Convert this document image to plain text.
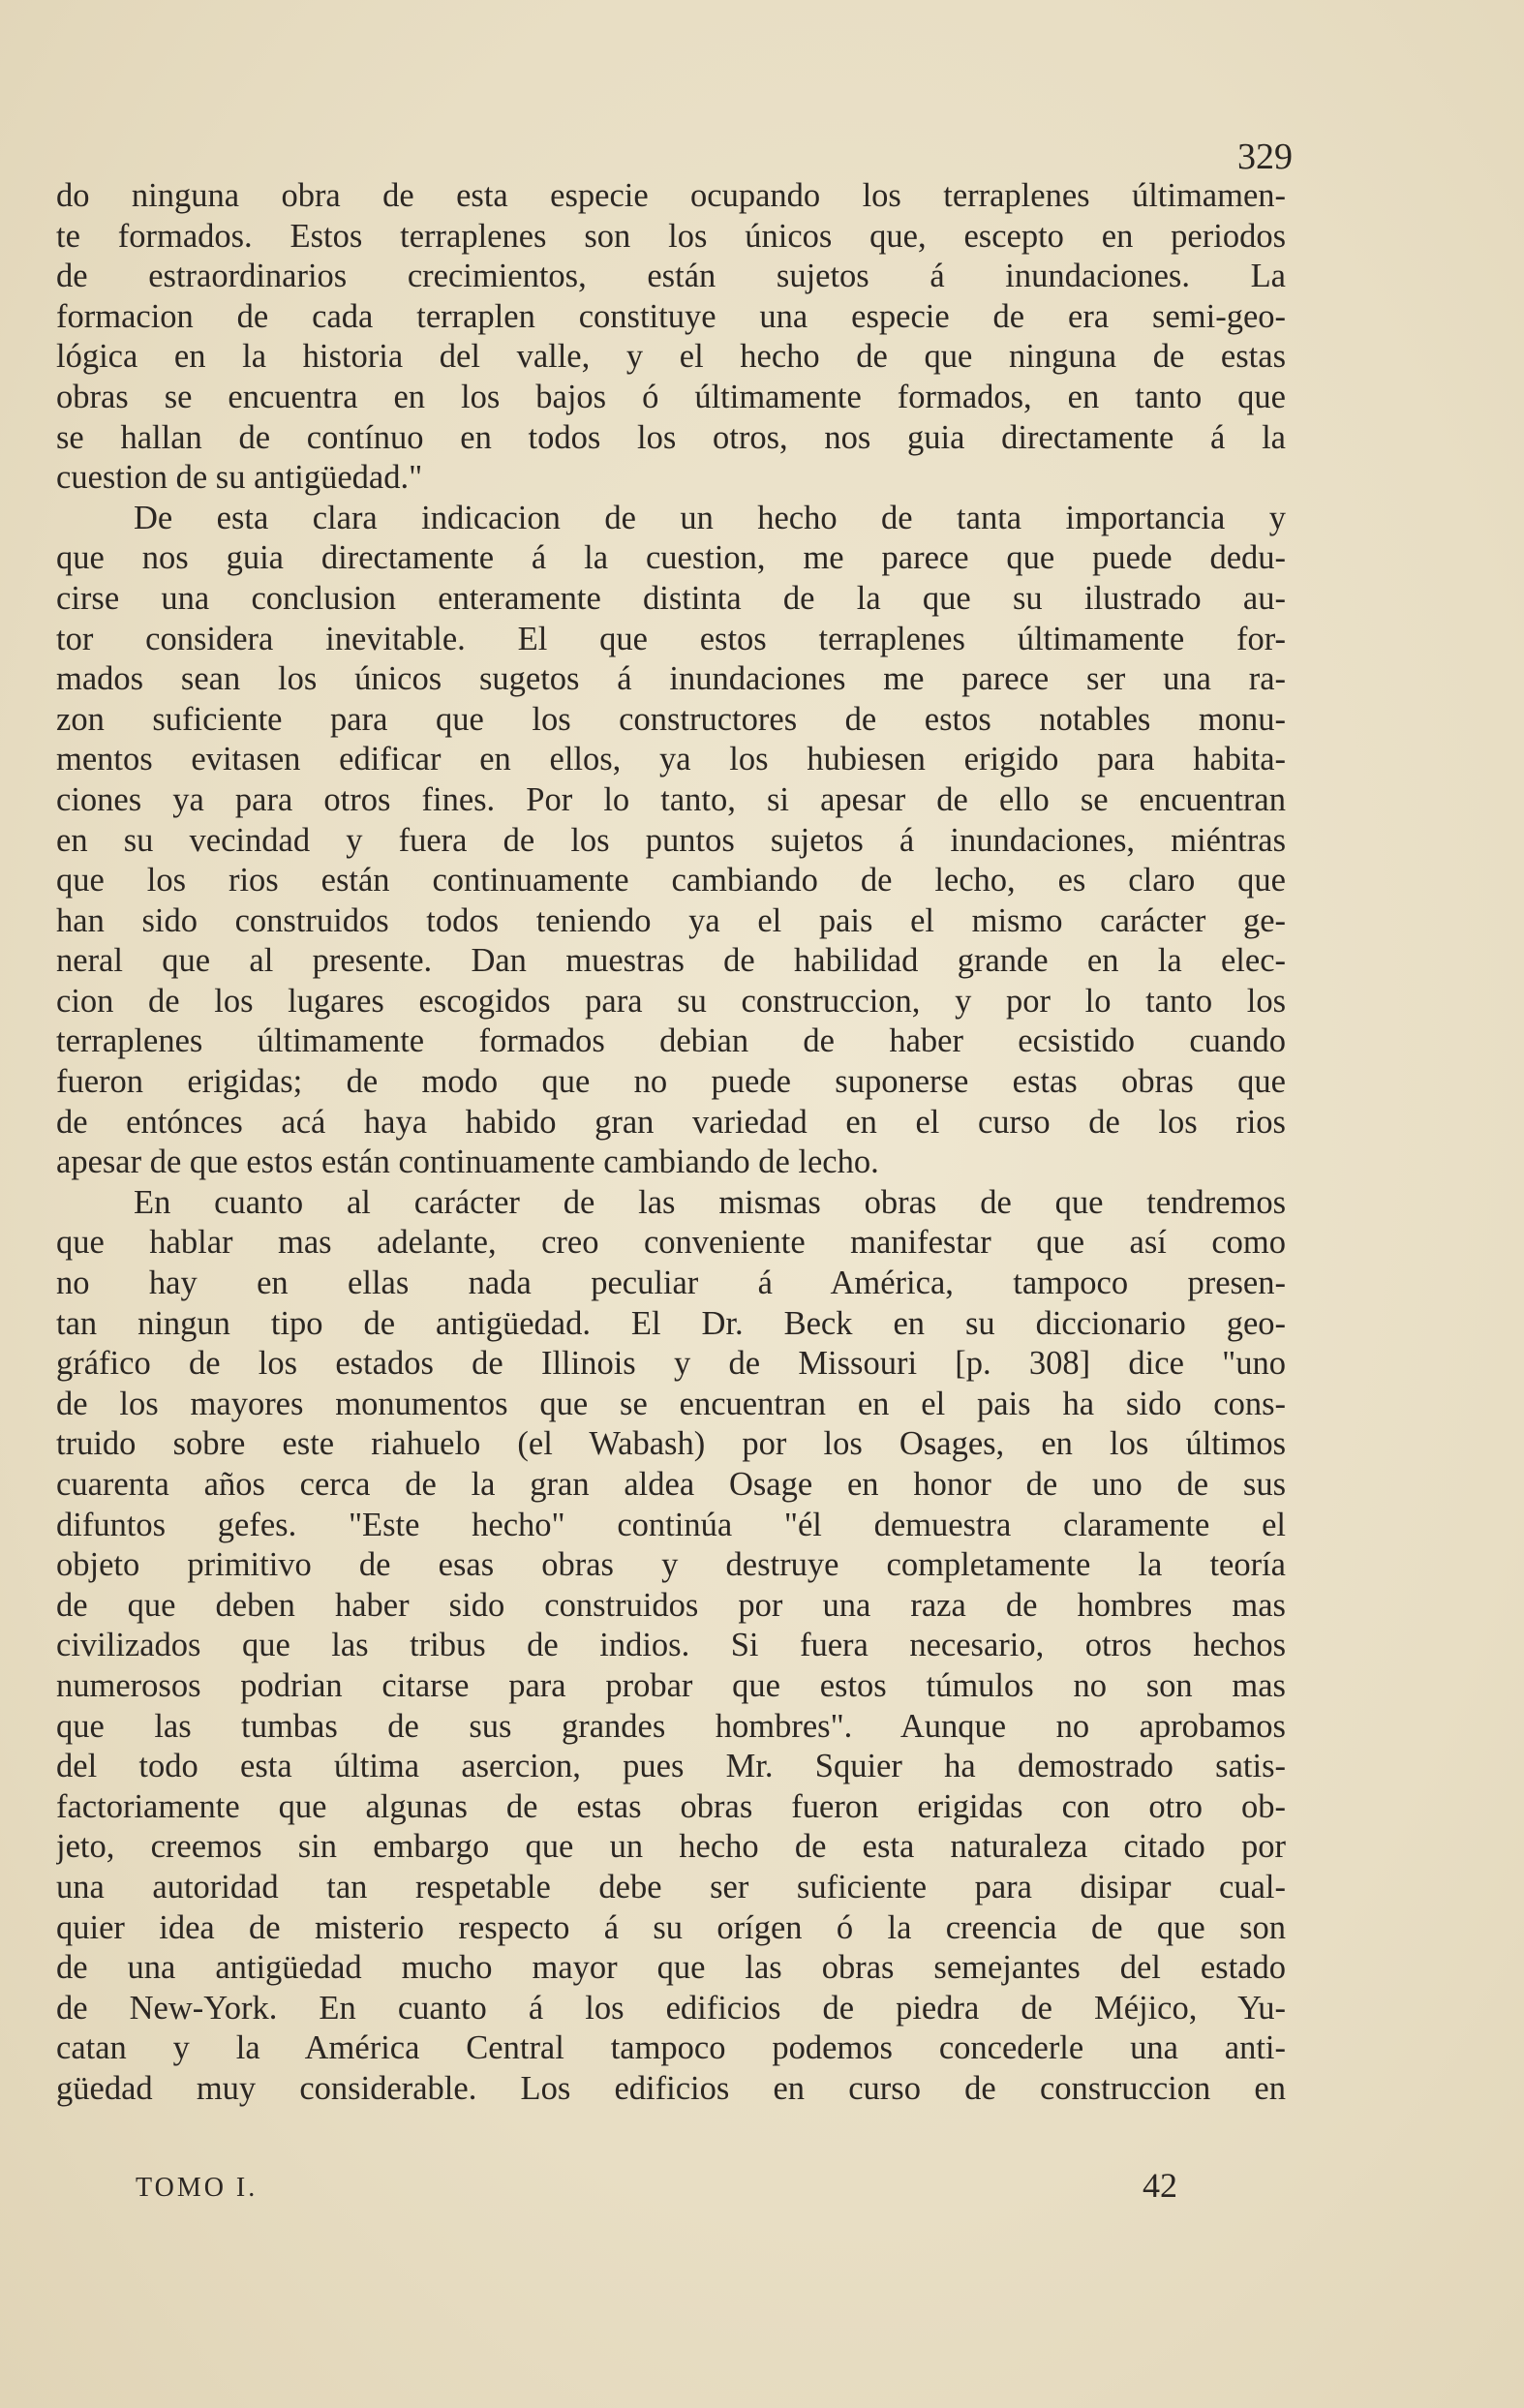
329
do ninguna obra de esta especie ocupando los terraplenes últimamen-
te formados. Estos terraplenes son los únicos que, escepto en periodos
de estraordinarios crecimientos, están sujetos á inundaciones. La
formacion de cada terraplen constituye una especie de era semi-geo-
lógica en la historia del valle, y el hecho de que ninguna de estas
obras se encuentra en los bajos ó últimamente formados, en tanto que
se hallan de contínuo en todos los otros, nos guia directamente á la
cuestion de su antigüedad."
De esta clara indicacion de un hecho de tanta importancia y
que nos guia directamente á la cuestion, me parece que puede dedu-
cirse una conclusion enteramente distinta de la que su ilustrado au-
tor considera inevitable. El que estos terraplenes últimamente for-
mados sean los únicos sugetos á inundaciones me parece ser una ra-
zon suficiente para que los constructores de estos notables monu-
mentos evitasen edificar en ellos, ya los hubiesen erigido para habita-
ciones ya para otros fines. Por lo tanto, si apesar de ello se encuentran
en su vecindad y fuera de los puntos sujetos á inundaciones, miéntras
que los rios están continuamente cambiando de lecho, es claro que
han sido construidos todos teniendo ya el pais el mismo carácter ge-
neral que al presente. Dan muestras de habilidad grande en la elec-
cion de los lugares escogidos para su construccion, y por lo tanto los
terraplenes últimamente formados debian de haber ecsistido cuando
fueron erigidas; de modo que no puede suponerse estas obras que
de entónces acá haya habido gran variedad en el curso de los rios
apesar de que estos están continuamente cambiando de lecho.
En cuanto al carácter de las mismas obras de que tendremos
que hablar mas adelante, creo conveniente manifestar que así como
no hay en ellas nada peculiar á América, tampoco presen-
tan ningun tipo de antigüedad. El Dr. Beck en su diccionario geo-
gráfico de los estados de Illinois y de Missouri [p. 308] dice "uno
de los mayores monumentos que se encuentran en el pais ha sido cons-
truido sobre este riahuelo (el Wabash) por los Osages, en los últimos
cuarenta años cerca de la gran aldea Osage en honor de uno de sus
difuntos gefes. "Este hecho" continúa "él demuestra claramente el
objeto primitivo de esas obras y destruye completamente la teoría
de que deben haber sido construidos por una raza de hombres mas
civilizados que las tribus de indios. Si fuera necesario, otros hechos
numerosos podrian citarse para probar que estos túmulos no son mas
que las tumbas de sus grandes hombres". Aunque no aprobamos
del todo esta última asercion, pues Mr. Squier ha demostrado satis-
factoriamente que algunas de estas obras fueron erigidas con otro ob-
jeto, creemos sin embargo que un hecho de esta naturaleza citado por
una autoridad tan respetable debe ser suficiente para disipar cual-
quier idea de misterio respecto á su orígen ó la creencia de que son
de una antigüedad mucho mayor que las obras semejantes del estado
de New-York. En cuanto á los edificios de piedra de Méjico, Yu-
catan y la América Central tampoco podemos concederle una anti-
güedad muy considerable. Los edificios en curso de construccion en
TOMO I.	42
